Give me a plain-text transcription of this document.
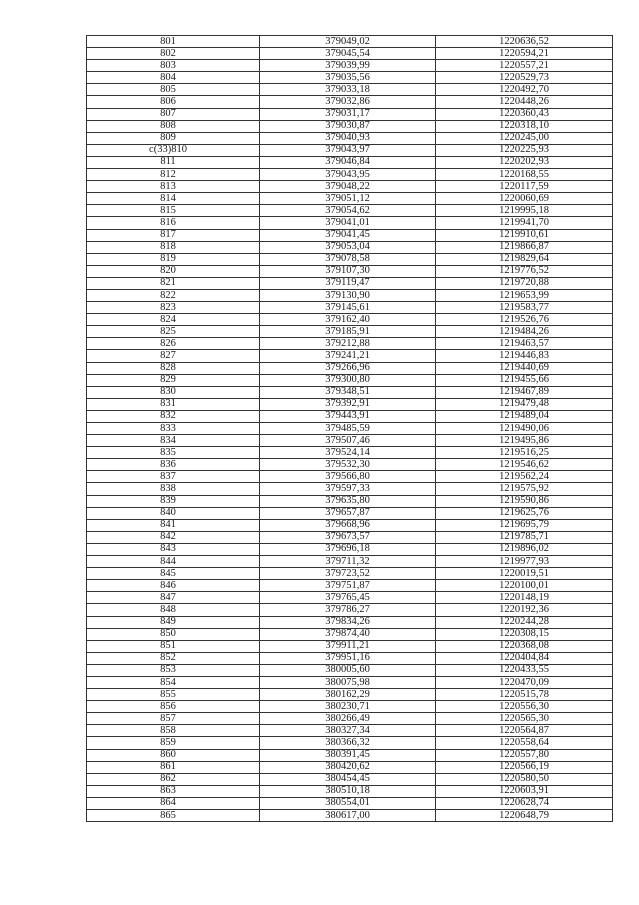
801	379049,02	1220636,52
802	379045,54	1220594,21
803	379039,99	1220557,21
804	379035,56	1220529,73
805	379033,18	1220492,70
806	379032,86	1220448,26
807	379031,17	1220360,43
808	379030,87	1220318,10
809	379040,93	1220245,00
c(33)810	379043,97	1220225,93
811	379046,84	1220202,93
812	379043,95	1220168,55
813	379048,22	1220117,59
814	379051,12	1220060,69
815	379054,62	1219995,18
816	379041,01	1219941,70
817	379041,45	1219910,61
818	379053,04	1219866,87
819	379078,58	1219829,64
820	379107,30	1219776,52
821	379119,47	1219720,88
822	379130,90	1219653,99
823	379145,61	1219583,77
824	379162,40	1219526,76
825	379185,91	1219484,26
826	379212,88	1219463,57
827	379241,21	1219446,83
828	379266,96	1219440,69
829	379300,80	1219455,66
830	379348,51	1219467,89
831	379392,91	1219479,48
832	379443,91	1219489,04
833	379485,59	1219490,06
834	379507,46	1219495,86
835	379524,14	1219516,25
836	379532,30	1219546,62
837	379566,80	1219562,24
838	379597,33	1219575,92
839	379635,80	1219590,86
840	379657,87	1219625,76
841	379668,96	1219695,79
842	379673,57	1219785,71
843	379696,18	1219896,02
844	379711,32	1219977,93
845	379723,52	1220019,51
846	379751,87	1220100,01
847	379765,45	1220148,19
848	379786,27	1220192,36
849	379834,26	1220244,28
850	379874,40	1220308,15
851	379911,21	1220368,08
852	379951,16	1220404,84
853	380005,60	1220433,55
854	380075,98	1220470,09
855	380162,29	1220515,78
856	380230,71	1220556,30
857	380266,49	1220565,30
858	380327,34	1220564,87
859	380366,32	1220558,64
860	380391,45	1220557,80
861	380420,62	1220566,19
862	380454,45	1220580,50
863	380510,18	1220603,91
864	380554,01	1220628,74
865	380617,00	1220648,79
